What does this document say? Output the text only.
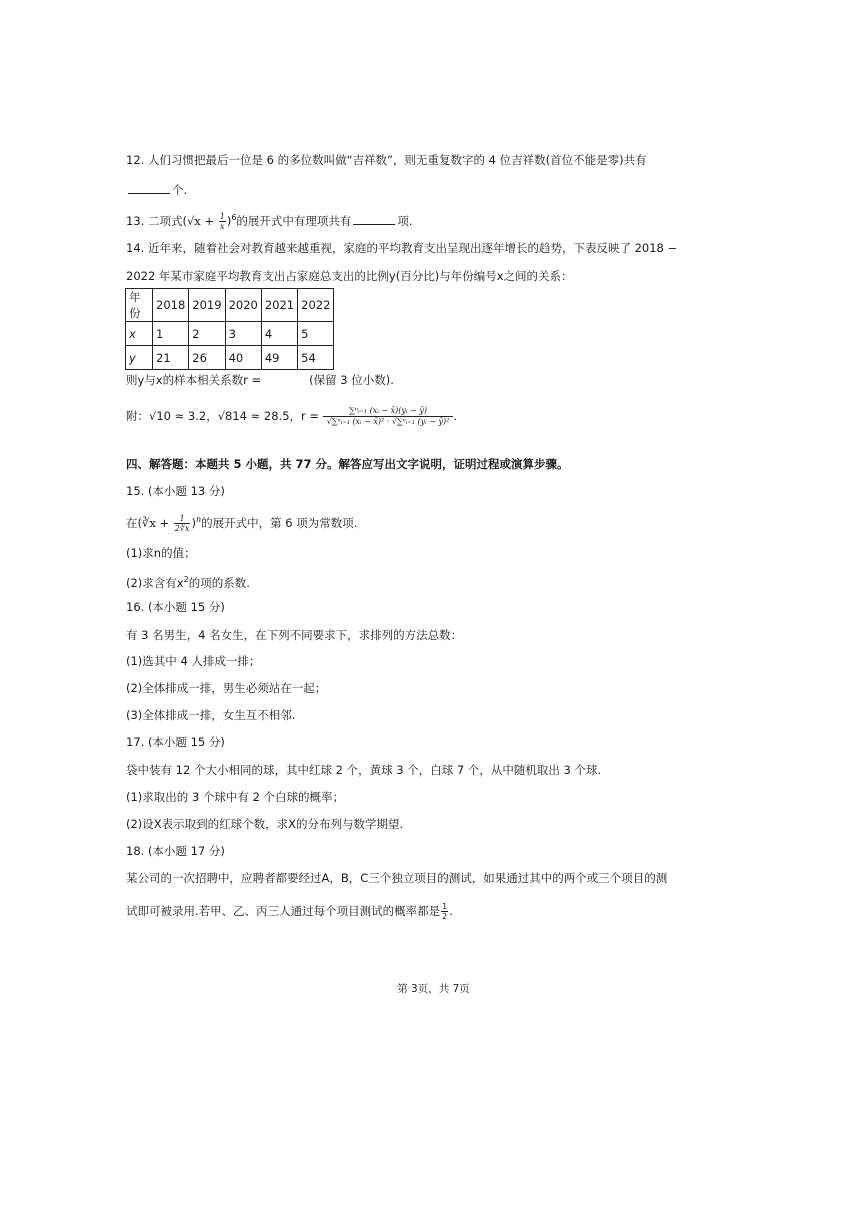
12. 人们习惯把最后一位是 6 的多位数叫做“吉祥数”，则无重复数字的 4 位吉祥数(首位不能是零)共有
个.
13. 二项式$(√x + \frac{1}{x} )^6$的展开式中有理项共有	项.
14. 近年来，随着社会对教育越来越重视，家庭的平均教育支出呈现出逐年增长的趋势，下表反映了 2018 −
2022 年某市家庭平均教育支出占家庭总支出的比例y(百分比)与年份编号x之间的关系：
年份	2018	2019	2020	2021	2022
x	1	2	3	4	5
y	21	26	40	49	54
则y与x的样本相关系数r =	(保留 3 位小数).
附：√10 ≈ 3.2，√814 ≈ 28.5，$r = \frac{\text{∑ⁿᵢ₌₁ (xᵢ − x̄)(yᵢ − ȳ)}}{\text{√∑ⁿᵢ₌₁ (xᵢ − x̄)² · √∑ⁿᵢ₌₁ (yᵢ − ȳ)²}}$ .
四、解答题：本题共 5 小题，共 77 分。解答应写出文字说明，证明过程或演算步骤。
15. (本小题 13 分)
在(∛x + $\frac{1}{2∛x} )^n$的展开式中，第 6 项为常数项.
(1)求n的值；
(2)求含有$x^2$的项的系数.
16. (本小题 15 分)
有 3 名男生，4 名女生，在下列不同要求下，求排列的方法总数：
(1)选其中 4 人排成一排；
(2)全体排成一排，男生必须站在一起；
(3)全体排成一排，女生互不相邻.
17. (本小题 15 分)
袋中装有 12 个大小相同的球，其中红球 2 个，黄球 3 个，白球 7 个，从中随机取出 3 个球.
(1)求取出的 3 个球中有 2 个白球的概率；
(2)设X表示取到的红球个数，求X的分布列与数学期望.
18. (本小题 17 分)
某公司的一次招聘中，应聘者都要经过A，B，C三个独立项目的测试，如果通过其中的两个或三个项目的测
试即可被录用.若甲、乙、丙三人通过每个项目测试的概率都是 $\frac{1}{2}$ .
第 3页，共 7页
